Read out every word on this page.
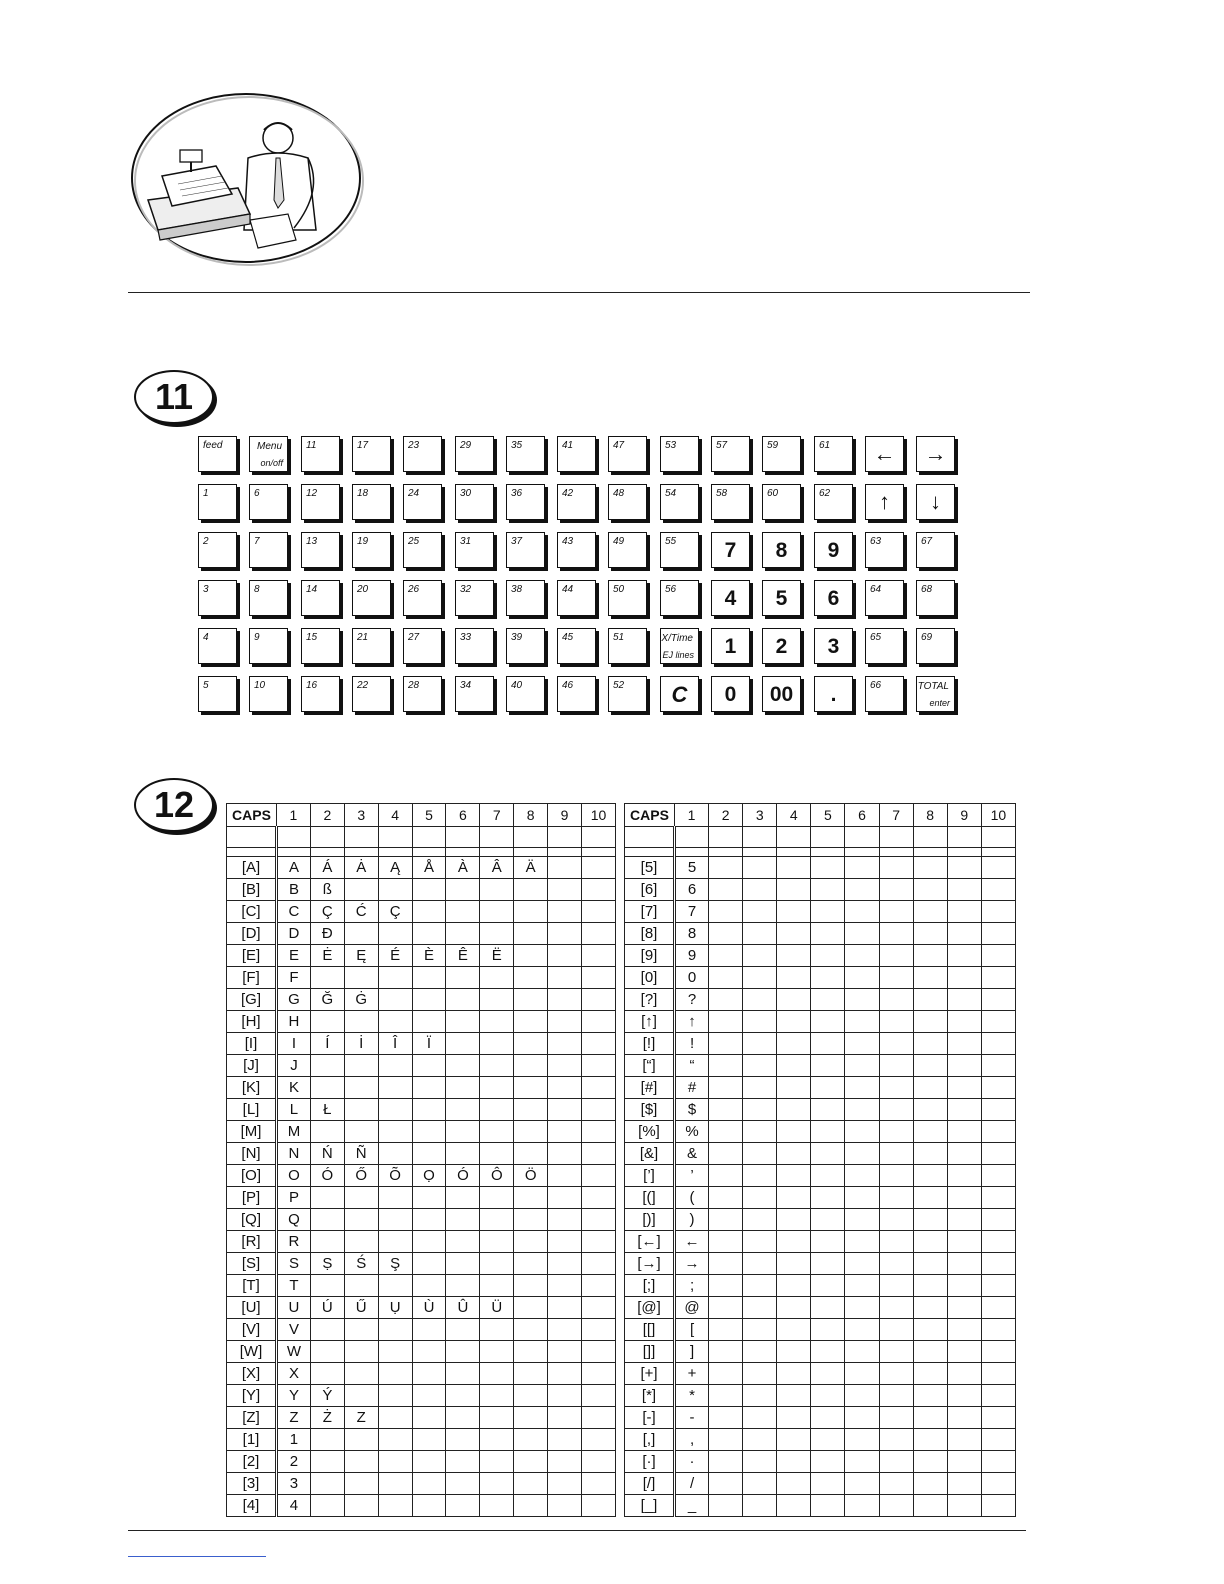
11
feed	Menu
on/off
11	17	23	29	35	41	47	53	57	59	61	←	→
1	6	12	18	24	30	36	42	48	54	58	60	62	↑	↓
2	7	13	19	25	31	37	43	49	55	7	8	9	63	67
3	8	14	20	26	32	38	44	50	56	4	5	6	64	68
4	9	15	21	27	33	39	45	51	X/Time
EJ lines	1	2	3	65	69
5	10	16	22	28	34	40	46	52	C	0	00	.	66	TOTAL
enter
12	CAPS	1	2	3	4	5	6	7	8	9	10

[A]	A	Á	Ȧ	Ą	Å	À	Â	Ä		
[B]	B	ß								
[C]	C	Ç	Ć	Ç						
[D]	D	Đ								
[E]	E	Ė	Ę	É	È	Ê	Ë			
[F]	F									
[G]	G	Ğ	Ġ							
[H]	H									
[I]	I	Í	İ	Î	Ï					
[J]	J									
[K]	K									
[L]	L	Ł								
[M]	M									
[N]	N	Ń	Ñ							
[O]	O	Ó	Ő	Õ	Ọ	Ó	Ô	Ö		
[P]	P									
[Q]	Q									
[R]	R									
[S]	S	Ṣ	Ś	Ş						
[T]	T									
[U]	U	Ú	Ű	Ụ	Ù	Û	Ü			
[V]	V									
[W]	W									
[X]	X									
[Y]	Y	Ý								
[Z]	Z	Ż	Z							
[1]	1									
[2]	2									
[3]	3									
[4]	4									
CAPS	1	2	3	4	5	6	7	8	9	10

[5]	5									
[6]	6									
[7]	7									
[8]	8									
[9]	9									
[0]	0									
[?]	?									
[↑]	↑									
[!]	!									
[“]	“									
[#]	#									
[$]	$									
[%]	%									
[&]	&									
[’]	’									
[(]	(									
[)]	)									
[←]	←									
[→]	→									
[;]	;									
[@]	@									
[[]	[									
[]]	]									
[+]	+									
[*]	*									
[-]	-									
[,]	,									
[·]	·									
[/]	/									
[_]	_									
